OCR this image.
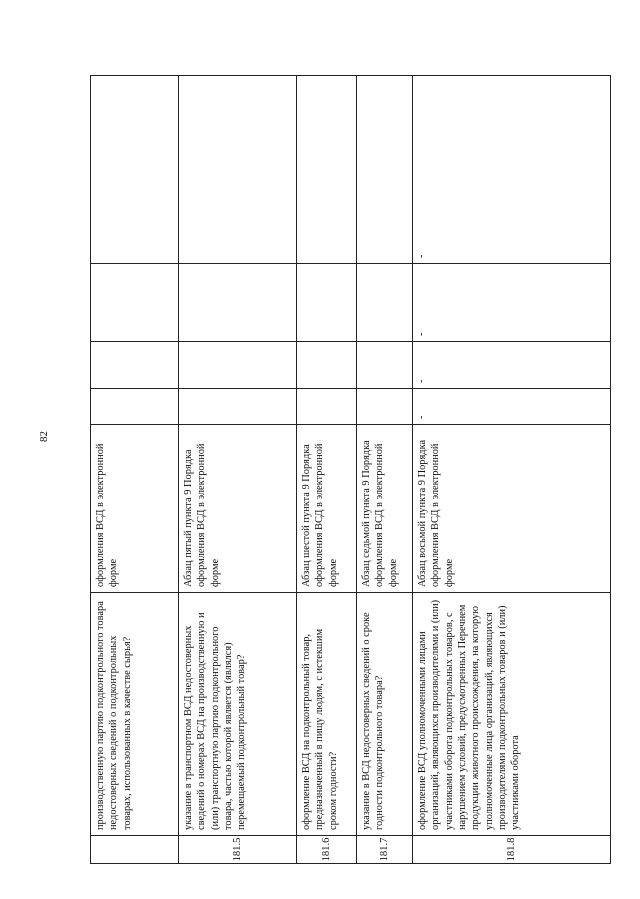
82
	производственную партию подконтрольного товара недостоверных сведений о подконтрольных товарах, использованных в качестве сырья?	оформления ВСД в электронной форме				
181.5	указание в транспортном ВСД недостоверных сведений о номерах ВСД на производственную и (или) транспортную партию подконтрольного товара, частью которой является (являлся) перемещаемый подконтрольный товар?	Абзац пятый пункта 9 Порядка оформления ВСД в электронной форме				
181.6	оформление ВСД на подконтрольный товар, предназначенный в пищу людям, с истекшим сроком годности?	Абзац шестой пункта 9 Порядка оформления ВСД в электронной форме				
181.7	указание в ВСД недостоверных сведений о сроке годности подконтрольного товара?	Абзац седьмой пункта 9 Порядка оформления ВСД в электронной форме				
181.8	оформление ВСД уполномоченными лицами организаций, являющихся производителями и (или) участниками оборота подконтрольных товаров, с нарушением условий, предусмотренных Перечнем продукции животного происхождения, на которую уполномоченные лица организаций, являющихся производителями подконтрольных товаров и (или) участниками оборота	Абзац восьмой пункта 9 Порядка оформления ВСД в электронной форме	-	-	-	-
